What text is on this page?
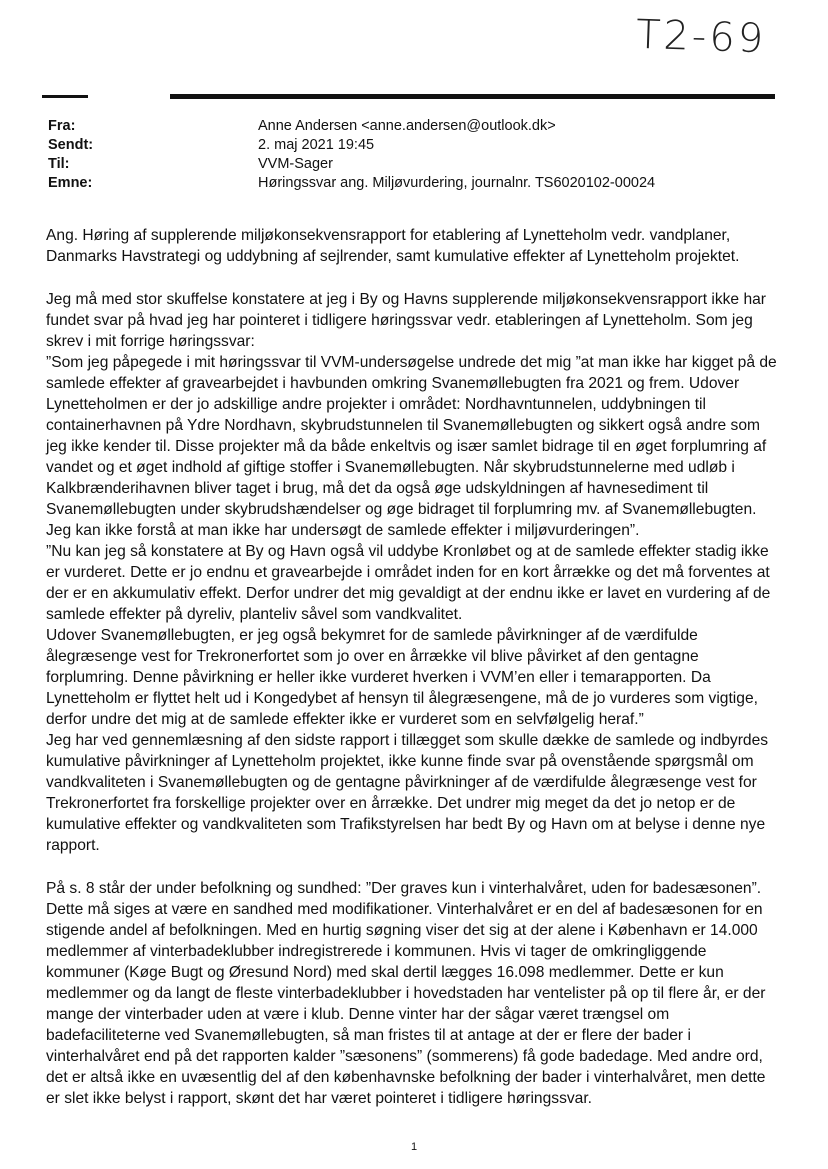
T2-69
Fra:	Anne Andersen <anne.andersen@outlook.dk>
Sendt:	2. maj 2021 19:45
Til:	VVM-Sager
Emne:	Høringssvar ang. Miljøvurdering, journalnr. TS6020102-00024

Ang. Høring af supplerende miljøkonsekvensrapport for etablering af Lynetteholm vedr. vandplaner, Danmarks Havstrategi og uddybning af sejlrender, samt kumulative effekter af Lynetteholm projektet.

Jeg må med stor skuffelse konstatere at jeg i By og Havns supplerende miljøkonsekvensrapport ikke har fundet svar på hvad jeg har pointeret i tidligere høringssvar vedr. etableringen af Lynetteholm. Som jeg skrev i mit forrige høringssvar:

”Som jeg påpegede i mit høringssvar til VVM-undersøgelse undrede det mig ”at man ikke har kigget på de samlede effekter af gravearbejdet i havbunden omkring Svanemøllebugten fra 2021 og frem. Udover Lynetteholmen er der jo adskillige andre projekter i området: Nordhavntunnelen, uddybningen til containerhavnen på Ydre Nordhavn, skybrudstunnelen til Svanemøllebugten og sikkert også andre som jeg ikke kender til. Disse projekter må da både enkeltvis og især samlet bidrage til en øget forplumring af vandet og et øget indhold af giftige stoffer i Svanemøllebugten. Når skybrudstunnelerne med udløb i Kalkbrænderihavnen bliver taget i brug, må det da også øge udskyldningen af havnesediment til Svanemøllebugten under skybrudshændelser og øge bidraget til forplumring mv. af Svanemøllebugten. Jeg kan ikke forstå at man ikke har undersøgt de samlede effekter i miljøvurderingen”.

”Nu kan jeg så konstatere at By og Havn også vil uddybe Kronløbet og at de samlede effekter stadig ikke er vurderet. Dette er jo endnu et gravearbejde i området inden for en kort årrække og det må forventes at der er en akkumulativ effekt. Derfor undrer det mig gevaldigt at der endnu ikke er lavet en vurdering af de samlede effekter på dyreliv, planteliv såvel som vandkvalitet.

Udover Svanemøllebugten, er jeg også bekymret for de samlede påvirkninger af de værdifulde ålegræsenge vest for Trekronerfortet som jo over en årrække vil blive påvirket af den gentagne forplumring. Denne påvirkning er heller ikke vurderet hverken i VVM’en eller i temarapporten. Da Lynetteholm er flyttet helt ud i Kongedybet af hensyn til ålegræsengene, må de jo vurderes som vigtige, derfor undre det mig at de samlede effekter ikke er vurderet som en selvfølgelig heraf.”

Jeg har ved gennemlæsning af den sidste rapport i tillægget som skulle dække de samlede og indbyrdes kumulative påvirkninger af Lynetteholm projektet, ikke kunne finde svar på ovenstående spørgsmål om vandkvaliteten i Svanemøllebugten og de gentagne påvirkninger af de værdifulde ålegræsenge vest for Trekronerfortet fra forskellige projekter over en årrække. Det undrer mig meget da det jo netop er de kumulative effekter og vandkvaliteten som Trafikstyrelsen har bedt By og Havn om at belyse i denne nye rapport.

På s. 8 står der under befolkning og sundhed: ”Der graves kun i vinterhalvåret, uden for badesæsonen”. Dette må siges at være en sandhed med modifikationer. Vinterhalvåret er en del af badesæsonen for en stigende andel af befolkningen. Med en hurtig søgning viser det sig at der alene i København er 14.000 medlemmer af vinterbadeklubber indregistrerede i kommunen. Hvis vi tager de omkringliggende kommuner (Køge Bugt og Øresund Nord) med skal dertil lægges 16.098 medlemmer. Dette er kun medlemmer og da langt de fleste vinterbadeklubber i hovedstaden har ventelister på op til flere år, er der mange der vinterbader uden at være i klub. Denne vinter har der sågar været trængsel om badefaciliteterne ved Svanemøllebugten, så man fristes til at antage at der er flere der bader i vinterhalvåret end på det rapporten kalder ”sæsonens” (sommerens) få gode badedage. Med andre ord, det er altså ikke en uvæsentlig del af den københavnske befolkning der bader i vinterhalvåret, men dette er slet ikke belyst i rapport, skønt det har været pointeret i tidligere høringssvar.

1
